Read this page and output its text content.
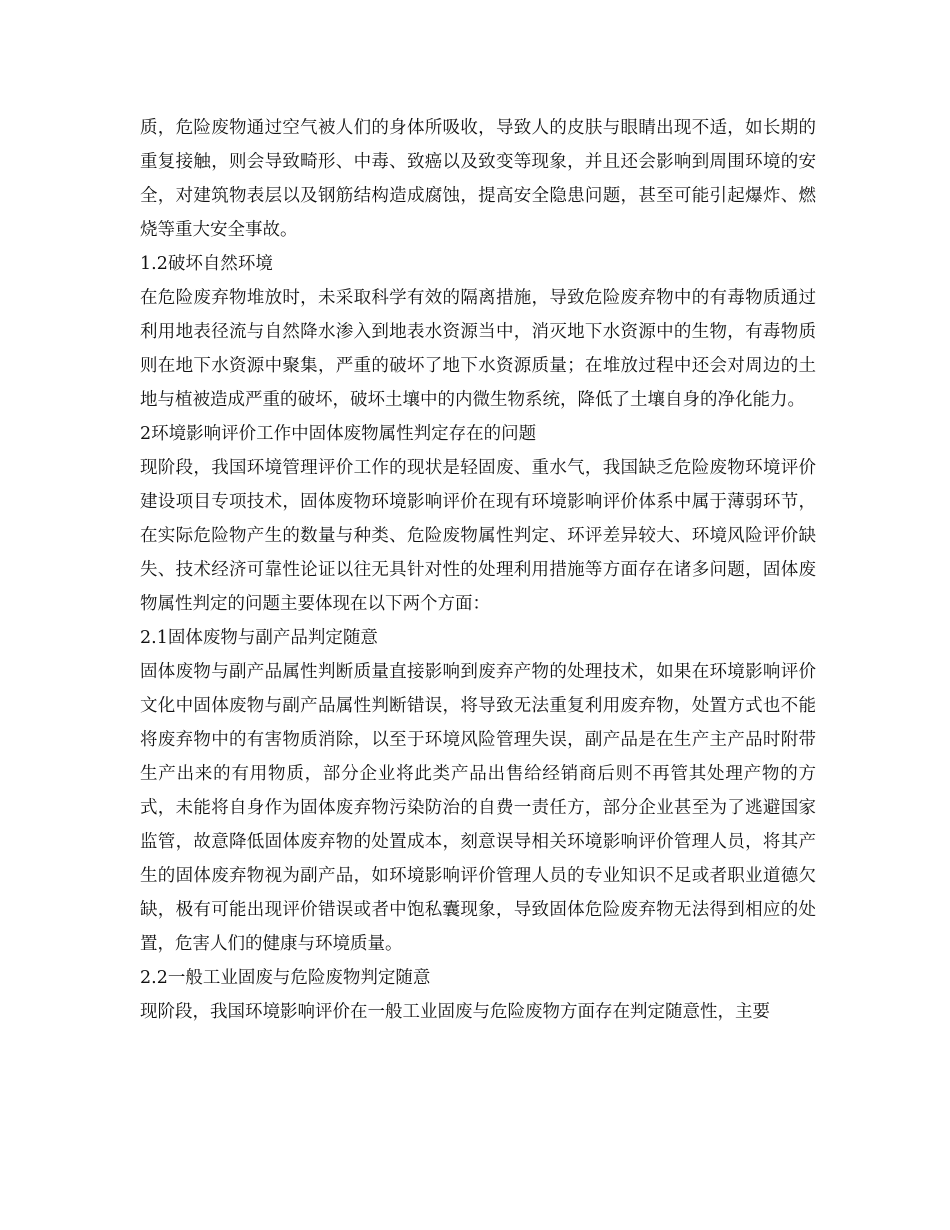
质，危险废物通过空气被人们的身体所吸收，导致人的皮肤与眼睛出现不适，如长期的重复接触，则会导致畸形、中毒、致癌以及致变等现象，并且还会影响到周围环境的安全，对建筑物表层以及钢筋结构造成腐蚀，提高安全隐患问题，甚至可能引起爆炸、燃烧等重大安全事故。

1.2破坏自然环境

在危险废弃物堆放时，未采取科学有效的隔离措施，导致危险废弃物中的有毒物质通过利用地表径流与自然降水渗入到地表水资源当中，消灭地下水资源中的生物，有毒物质则在地下水资源中聚集，严重的破坏了地下水资源质量；在堆放过程中还会对周边的土地与植被造成严重的破坏，破坏土壤中的内微生物系统，降低了土壤自身的净化能力。

2环境影响评价工作中固体废物属性判定存在的问题

现阶段，我国环境管理评价工作的现状是轻固废、重水气，我国缺乏危险废物环境评价建设项目专项技术，固体废物环境影响评价在现有环境影响评价体系中属于薄弱环节，在实际危险物产生的数量与种类、危险废物属性判定、环评差异较大、环境风险评价缺失、技术经济可靠性论证以往无具针对性的处理利用措施等方面存在诸多问题，固体废物属性判定的问题主要体现在以下两个方面：

2.1固体废物与副产品判定随意

固体废物与副产品属性判断质量直接影响到废弃产物的处理技术，如果在环境影响评价文化中固体废物与副产品属性判断错误，将导致无法重复利用废弃物，处置方式也不能将废弃物中的有害物质消除，以至于环境风险管理失误，副产品是在生产主产品时附带生产出来的有用物质，部分企业将此类产品出售给经销商后则不再管其处理产物的方式，未能将自身作为固体废弃物污染防治的自费一责任方，部分企业甚至为了逃避国家监管，故意降低固体废弃物的处置成本，刻意误导相关环境影响评价管理人员，将其产生的固体废弃物视为副产品，如环境影响评价管理人员的专业知识不足或者职业道德欠缺，极有可能出现评价错误或者中饱私囊现象，导致固体危险废弃物无法得到相应的处置，危害人们的健康与环境质量。

2.2一般工业固废与危险废物判定随意

现阶段，我国环境影响评价在一般工业固废与危险废物方面存在判定随意性，主要
